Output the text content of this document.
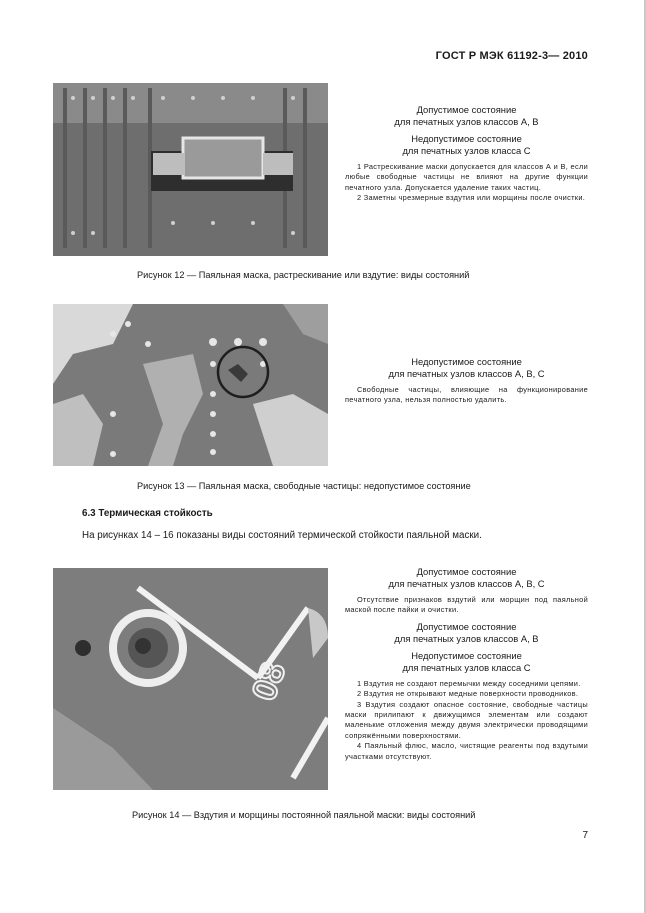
ГОСТ Р МЭК 61192-3— 2010
Допустимое состояние
для печатных узлов классов А, В
Недопустимое состояние
для печатных узлов класса С
1 Растрескивание маски допускается для классов А и В, если любые свободные частицы не влияют на другие функции печатного узла. Допускается удаление таких частиц.
2 Заметны чрезмерные вздутия или морщины после очистки.
Рисунок 12 — Паяльная маска, растрескивание или вздутие: виды состояний
Недопустимое состояние
для печатных узлов классов А, В, С
Свободные частицы, влияющие на функционирование печатного узла, нельзя полностью удалить.
Рисунок 13 — Паяльная маска, свободные частицы: недопустимое состояние
6.3 Термическая стойкость
На рисунках 14 – 16 показаны виды состояний термической стойкости паяльной маски.
08
Допустимое состояние
для печатных узлов классов А, В, С
Отсутствие признаков вздутий или морщин под паяльной маской после пайки и очистки.
Допустимое состояние
для печатных узлов классов А, В
Недопустимое состояние
для печатных узлов класса С
1 Вздутия не создают перемычки между соседними цепями.
2 Вздутия не открывают медные поверхности проводников.
3 Вздутия создают опасное состояние, свободные частицы маски прилипают к движущимся элементам или создают маленькие отложения между двумя электрически проводящими сопряжёнными поверхностями.
4 Паяльный флюс, масло, чистящие реагенты под вздутыми участками отсутствуют.
Рисунок 14 — Вздутия и морщины постоянной паяльной маски: виды состояний
7
